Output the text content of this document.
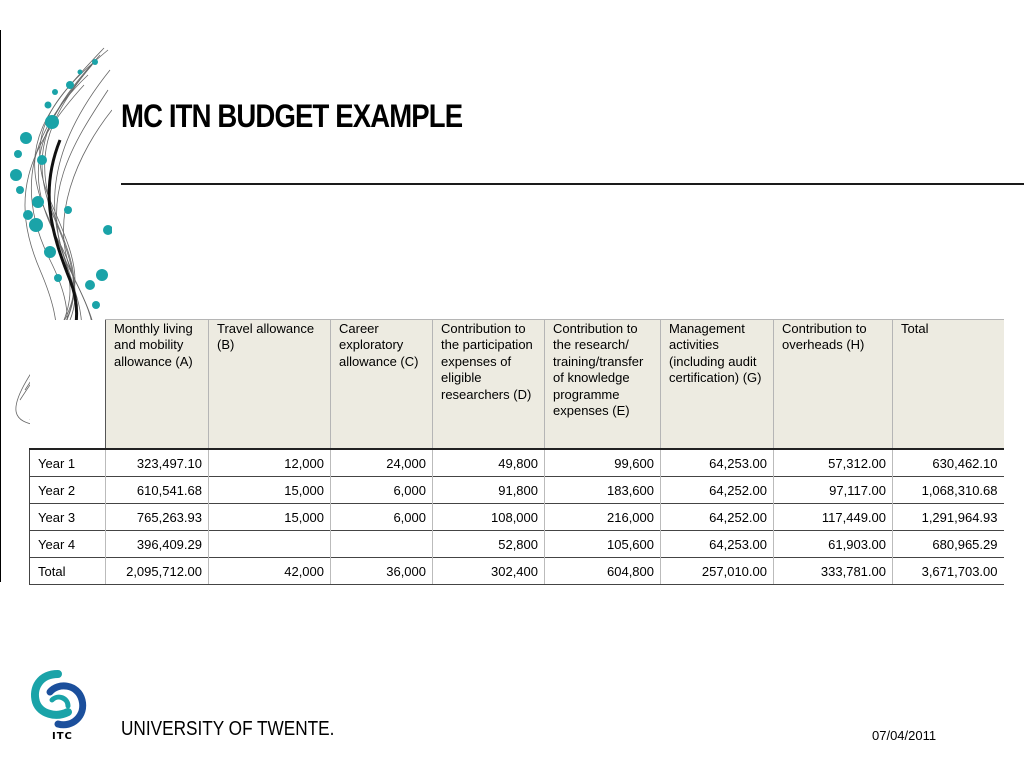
MC ITN BUDGET EXAMPLE
	Monthly living and mobility allowance (A)	Travel allowance (B)	Career exploratory allowance (C)	Contribution to the participation expenses of eligible researchers (D)	Contribution to the research/ training/transfer of knowledge programme expenses (E)	Management activities (including audit certification) (G)	Contribution to overheads (H)	Total
Year 1	323,497.10	12,000	24,000	49,800	99,600	64,253.00	57,312.00	630,462.10
Year 2	610,541.68	15,000	6,000	91,800	183,600	64,252.00	97,117.00	1,068,310.68
Year 3	765,263.93	15,000	6,000	108,000	216,000	64,252.00	117,449.00	1,291,964.93
Year 4	396,409.29			52,800	105,600	64,253.00	61,903.00	680,965.29
Total	2,095,712.00	42,000	36,000	302,400	604,800	257,010.00	333,781.00	3,671,703.00
ITC UNIVERSITY OF TWENTE.	07/04/2011
